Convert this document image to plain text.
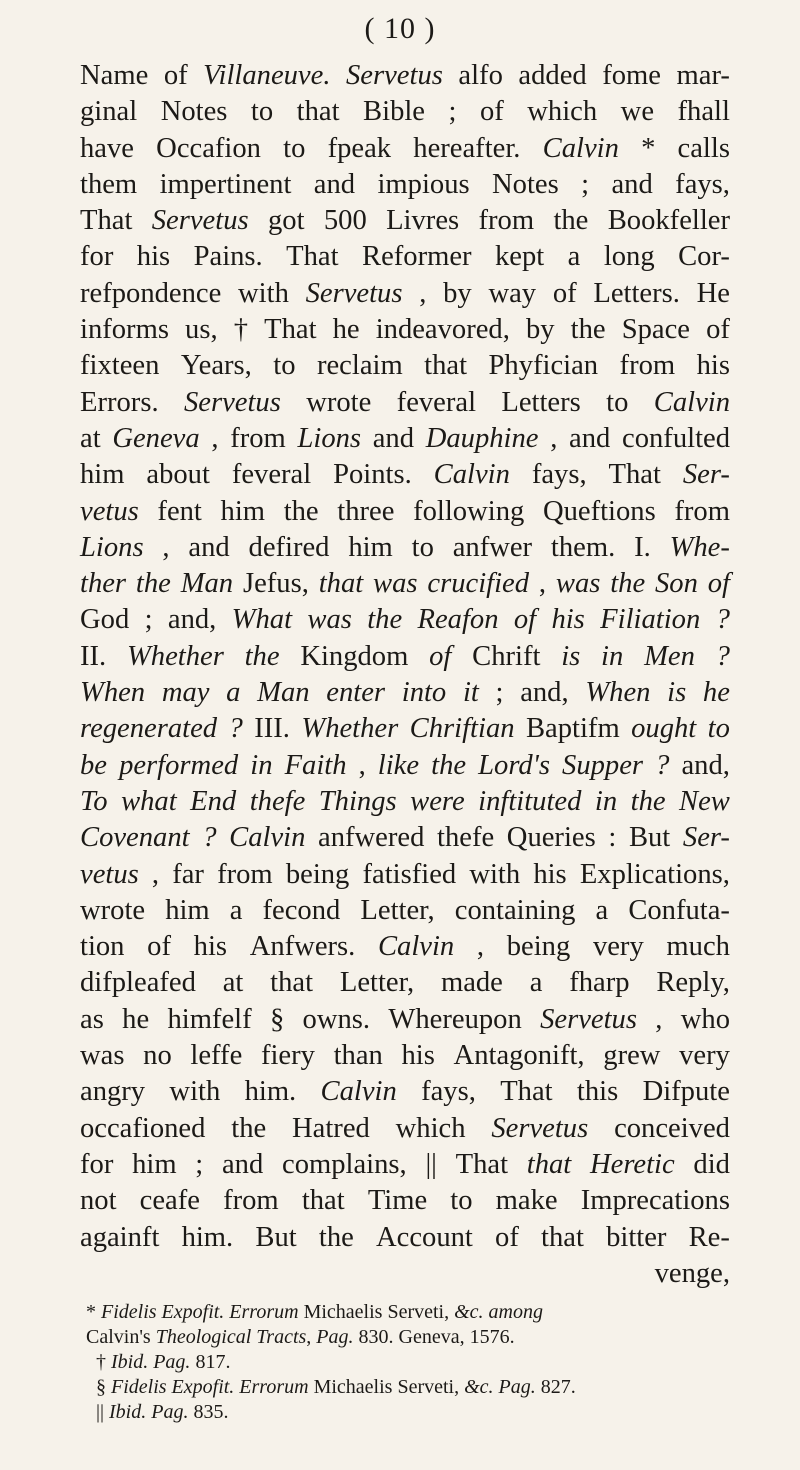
( 10 )
Name of Villaneuve. Servetus alfo added fome mar-
ginal Notes to that Bible ; of which we fhall
have Occafion to fpeak hereafter. Calvin * calls
them impertinent and impious Notes ; and fays,
That Servetus got 500 Livres from the Bookfeller
for his Pains. That Reformer kept a long Cor-
refpondence with Servetus , by way of Letters. He
informs us, † That he indeavored, by the Space of
fixteen Years, to reclaim that Phyfician from his
Errors. Servetus wrote feveral Letters to Calvin
at Geneva , from Lions and Dauphine , and confulted
him about feveral Points. Calvin fays, That Ser-
vetus fent him the three following Queftions from
Lions , and defired him to anfwer them. I. Whe-
ther the Man Jefus, that was crucified , was the Son of
God ; and, What was the Reafon of his Filiation ?
II. Whether the Kingdom of Chrift is in Men ?
When may a Man enter into it ; and, When is he
regenerated ? III. Whether Chriftian Baptifm ought to
be performed in Faith , like the Lord's Supper ? and,
To what End thefe Things were inftituted in the New
Covenant ? Calvin anfwered thefe Queries : But Ser-
vetus , far from being fatisfied with his Explications,
wrote him a fecond Letter, containing a Confuta-
tion of his Anfwers. Calvin , being very much
difpleafed at that Letter, made a fharp Reply,
as he himfelf § owns. Whereupon Servetus , who
was no leffe fiery than his Antagonift, grew very
angry with him. Calvin fays, That this Difpute
occafioned the Hatred which Servetus conceived
for him ; and complains, || That that Heretic did
not ceafe from that Time to make Imprecations
againft him. But the Account of that bitter Re-
venge,
* Fidelis Expofit. Errorum Michaelis Serveti, &c. among
Calvin's Theological Tracts, Pag. 830. Geneva, 1576.
† Ibid. Pag. 817.
§ Fidelis Expofit. Errorum Michaelis Serveti, &c. Pag. 827.
|| Ibid. Pag. 835.
